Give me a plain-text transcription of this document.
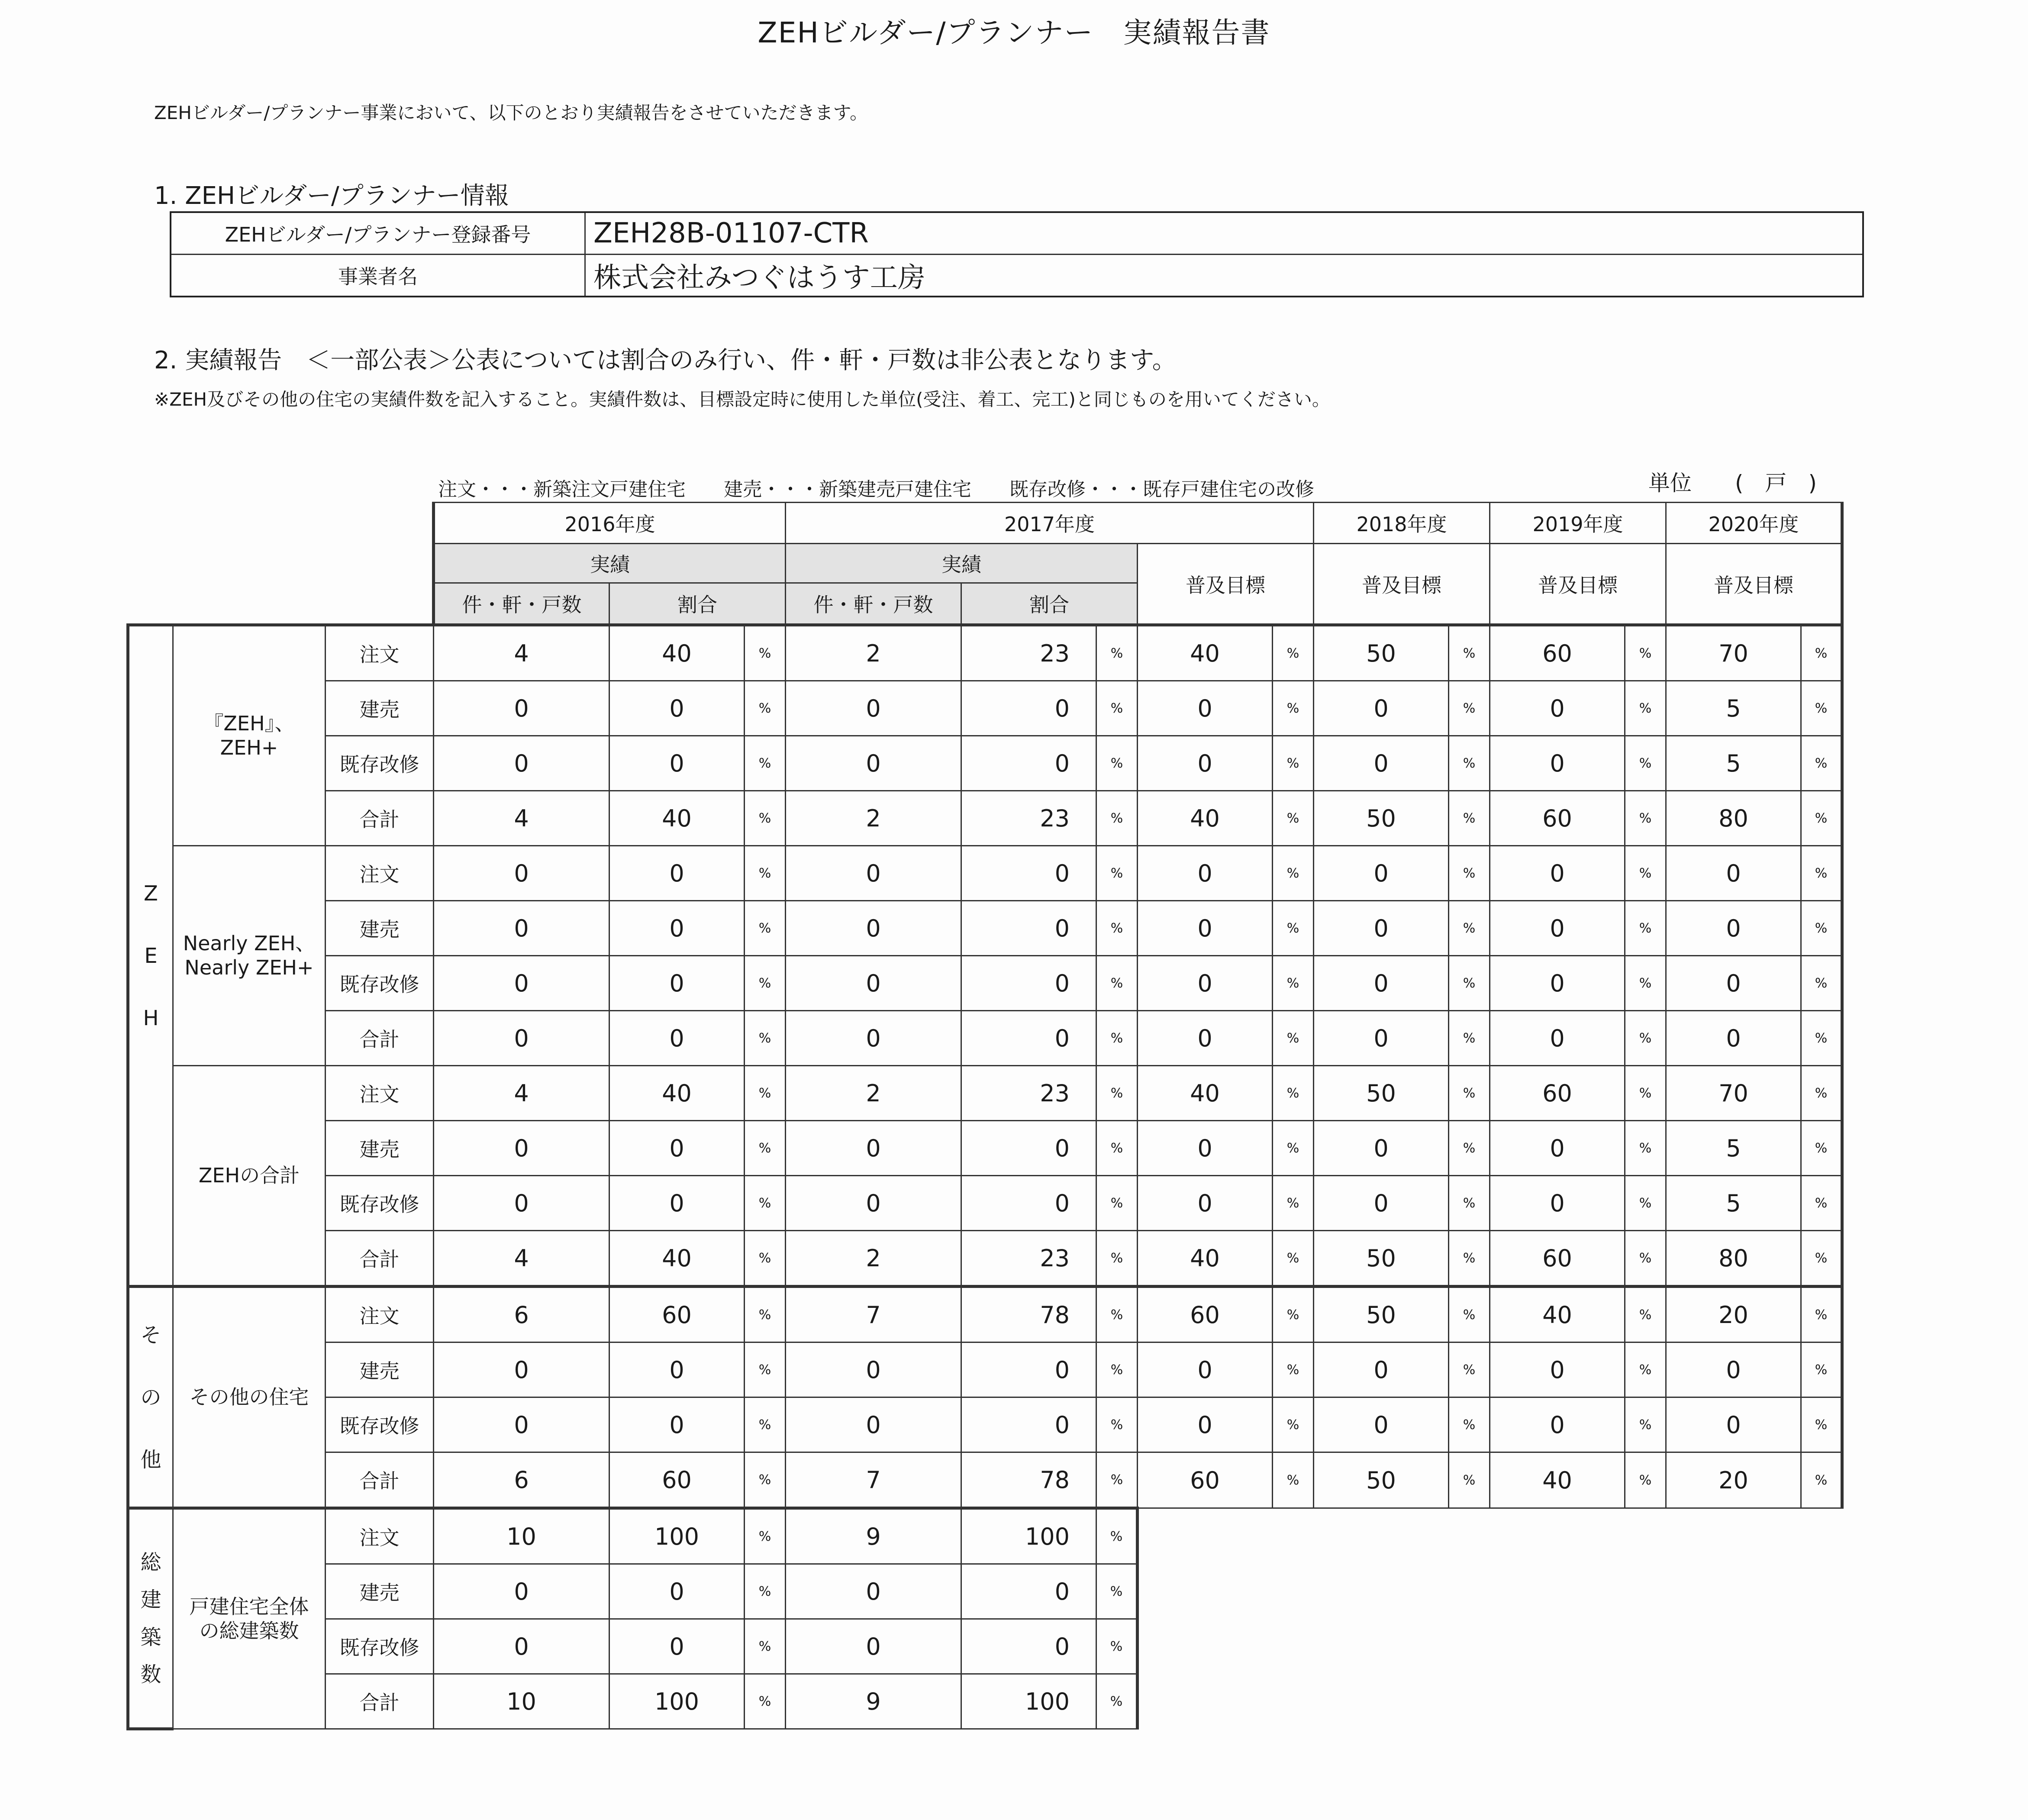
ZEHビルダー/プランナー　実績報告書
ZEHビルダー/プランナー事業において、以下のとおり実績報告をさせていただきます。
1. ZEHビルダー/プランナー情報
ZEHビルダー/プランナー登録番号	ZEH28B-01107-CTR
事業者名	株式会社みつぐはうす工房
2. 実績報告　＜一部公表＞公表については割合のみ行い、件・軒・戸数は非公表となります。
※ZEH及びその他の住宅の実績件数を記入すること。実績件数は、目標設定時に使用した単位(受注、着工、完工)と同じものを用いてください。
注文・・・新築注文戸建住宅　　建売・・・新築建売戸建住宅　　既存改修・・・既存戸建住宅の改修	単位　　(　戸　)
			2016年度			2017年度					2018年度		2019年度		2020年度	
			実績			実績			普及目標		普及目標		普及目標		普及目標	
			件・軒・戸数	割合		件・軒・戸数	割合									
Z
E
H	『ZEH』、
ZEH+	注文	4	40	%	2	23	%	40	%	50	%	60	%	70	%
		建売	0	0	%	0	0	%	0	%	0	%	0	%	5	%
		既存改修	0	0	%	0	0	%	0	%	0	%	0	%	5	%
		合計	4	40	%	2	23	%	40	%	50	%	60	%	80	%
	Nearly ZEH、
Nearly ZEH+	注文	0	0	%	0	0	%	0	%	0	%	0	%	0	%
		建売	0	0	%	0	0	%	0	%	0	%	0	%	0	%
		既存改修	0	0	%	0	0	%	0	%	0	%	0	%	0	%
		合計	0	0	%	0	0	%	0	%	0	%	0	%	0	%
	ZEHの合計	注文	4	40	%	2	23	%	40	%	50	%	60	%	70	%
		建売	0	0	%	0	0	%	0	%	0	%	0	%	5	%
		既存改修	0	0	%	0	0	%	0	%	0	%	0	%	5	%
		合計	4	40	%	2	23	%	40	%	50	%	60	%	80	%
そ
の
他	その他の住宅	注文	6	60	%	7	78	%	60	%	50	%	40	%	20	%
		建売	0	0	%	0	0	%	0	%	0	%	0	%	0	%
		既存改修	0	0	%	0	0	%	0	%	0	%	0	%	0	%
		合計	6	60	%	7	78	%	60	%	50	%	40	%	20	%
総
建
築
数	戸建住宅全体
の総建築数	注文	10	100	%	9	100	%								
		建売	0	0	%	0	0	%								
		既存改修	0	0	%	0	0	%								
		合計	10	100	%	9	100	%								
